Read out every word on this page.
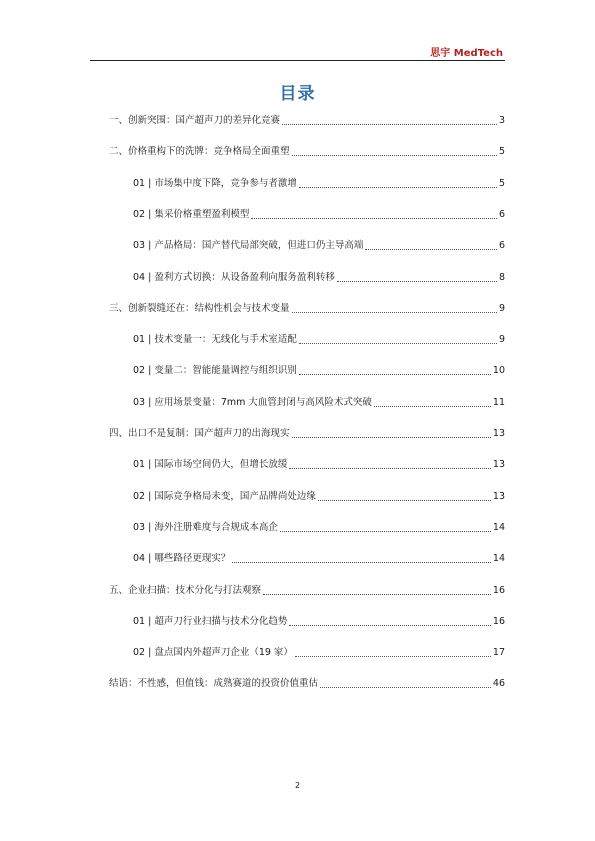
思宇 MedTech
目录
一、创新突围：国产超声刀的差异化竞赛	3
二、价格重构下的洗牌：竞争格局全面重塑	5
01 | 市场集中度下降，竞争参与者激增	5
02 | 集采价格重塑盈利模型	6
03 | 产品格局：国产替代局部突破，但进口仍主导高端	6
04 | 盈利方式切换：从设备盈利向服务盈利转移	8
三、创新裂缝还在：结构性机会与技术变量	9
01 | 技术变量一：无线化与手术室适配	9
02 | 变量二：智能能量调控与组织识别	10
03 | 应用场景变量：7mm 大血管封闭与高风险术式突破	11
四、出口不是复制：国产超声刀的出海现实	13
01 | 国际市场空间仍大，但增长放缓	13
02 | 国际竞争格局未变，国产品牌尚处边缘	13
03 | 海外注册难度与合规成本高企	14
04 | 哪些路径更现实？	14
五、企业扫描：技术分化与打法观察	16
01 | 超声刀行业扫描与技术分化趋势	16
02 | 盘点国内外超声刀企业（19 家）	17
结语：不性感，但值钱：成熟赛道的投资价值重估	46
2
